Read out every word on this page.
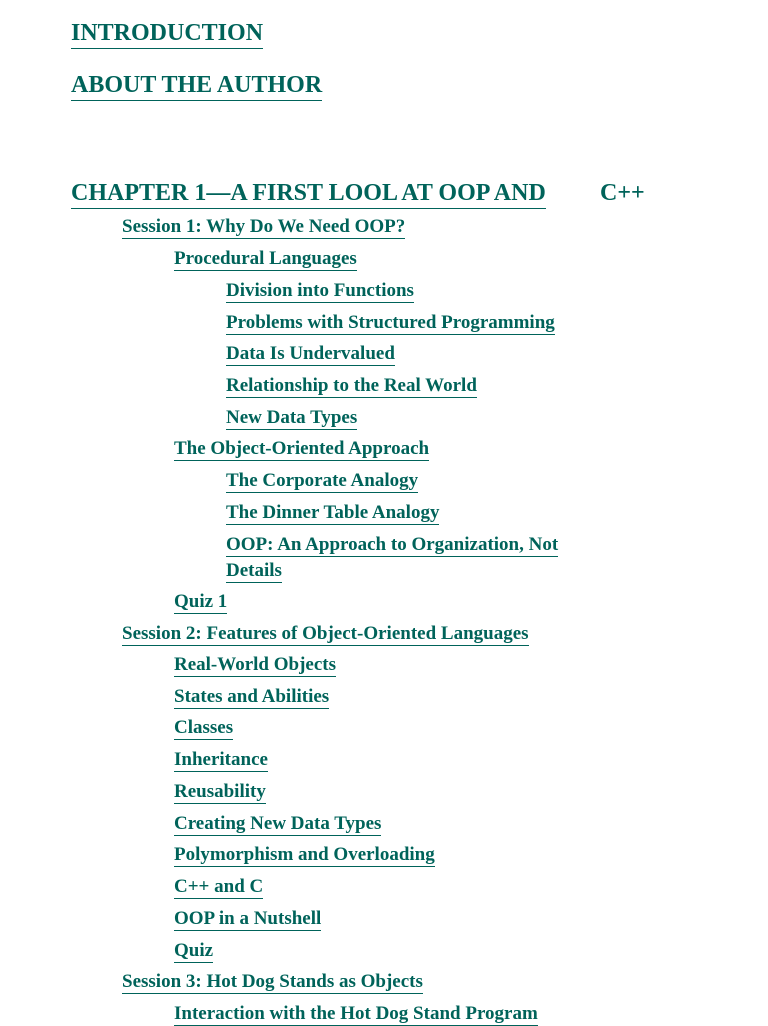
INTRODUCTION
ABOUT THE AUTHOR
CHAPTER 1—A FIRST LOOL AT OOP AND C++
Session 1: Why Do We Need OOP?
Procedural Languages
Division into Functions
Problems with Structured Programming
Data Is Undervalued
Relationship to the Real World
New Data Types
The Object-Oriented Approach
The Corporate Analogy
The Dinner Table Analogy
OOP: An Approach to Organization, Not
Details
Quiz 1
Session 2: Features of Object-Oriented Languages
Real-World Objects
States and Abilities
Classes
Inheritance
Reusability
Creating New Data Types
Polymorphism and Overloading
C++ and C
OOP in a Nutshell
Quiz
Session 3: Hot Dog Stands as Objects
Interaction with the Hot Dog Stand Program
